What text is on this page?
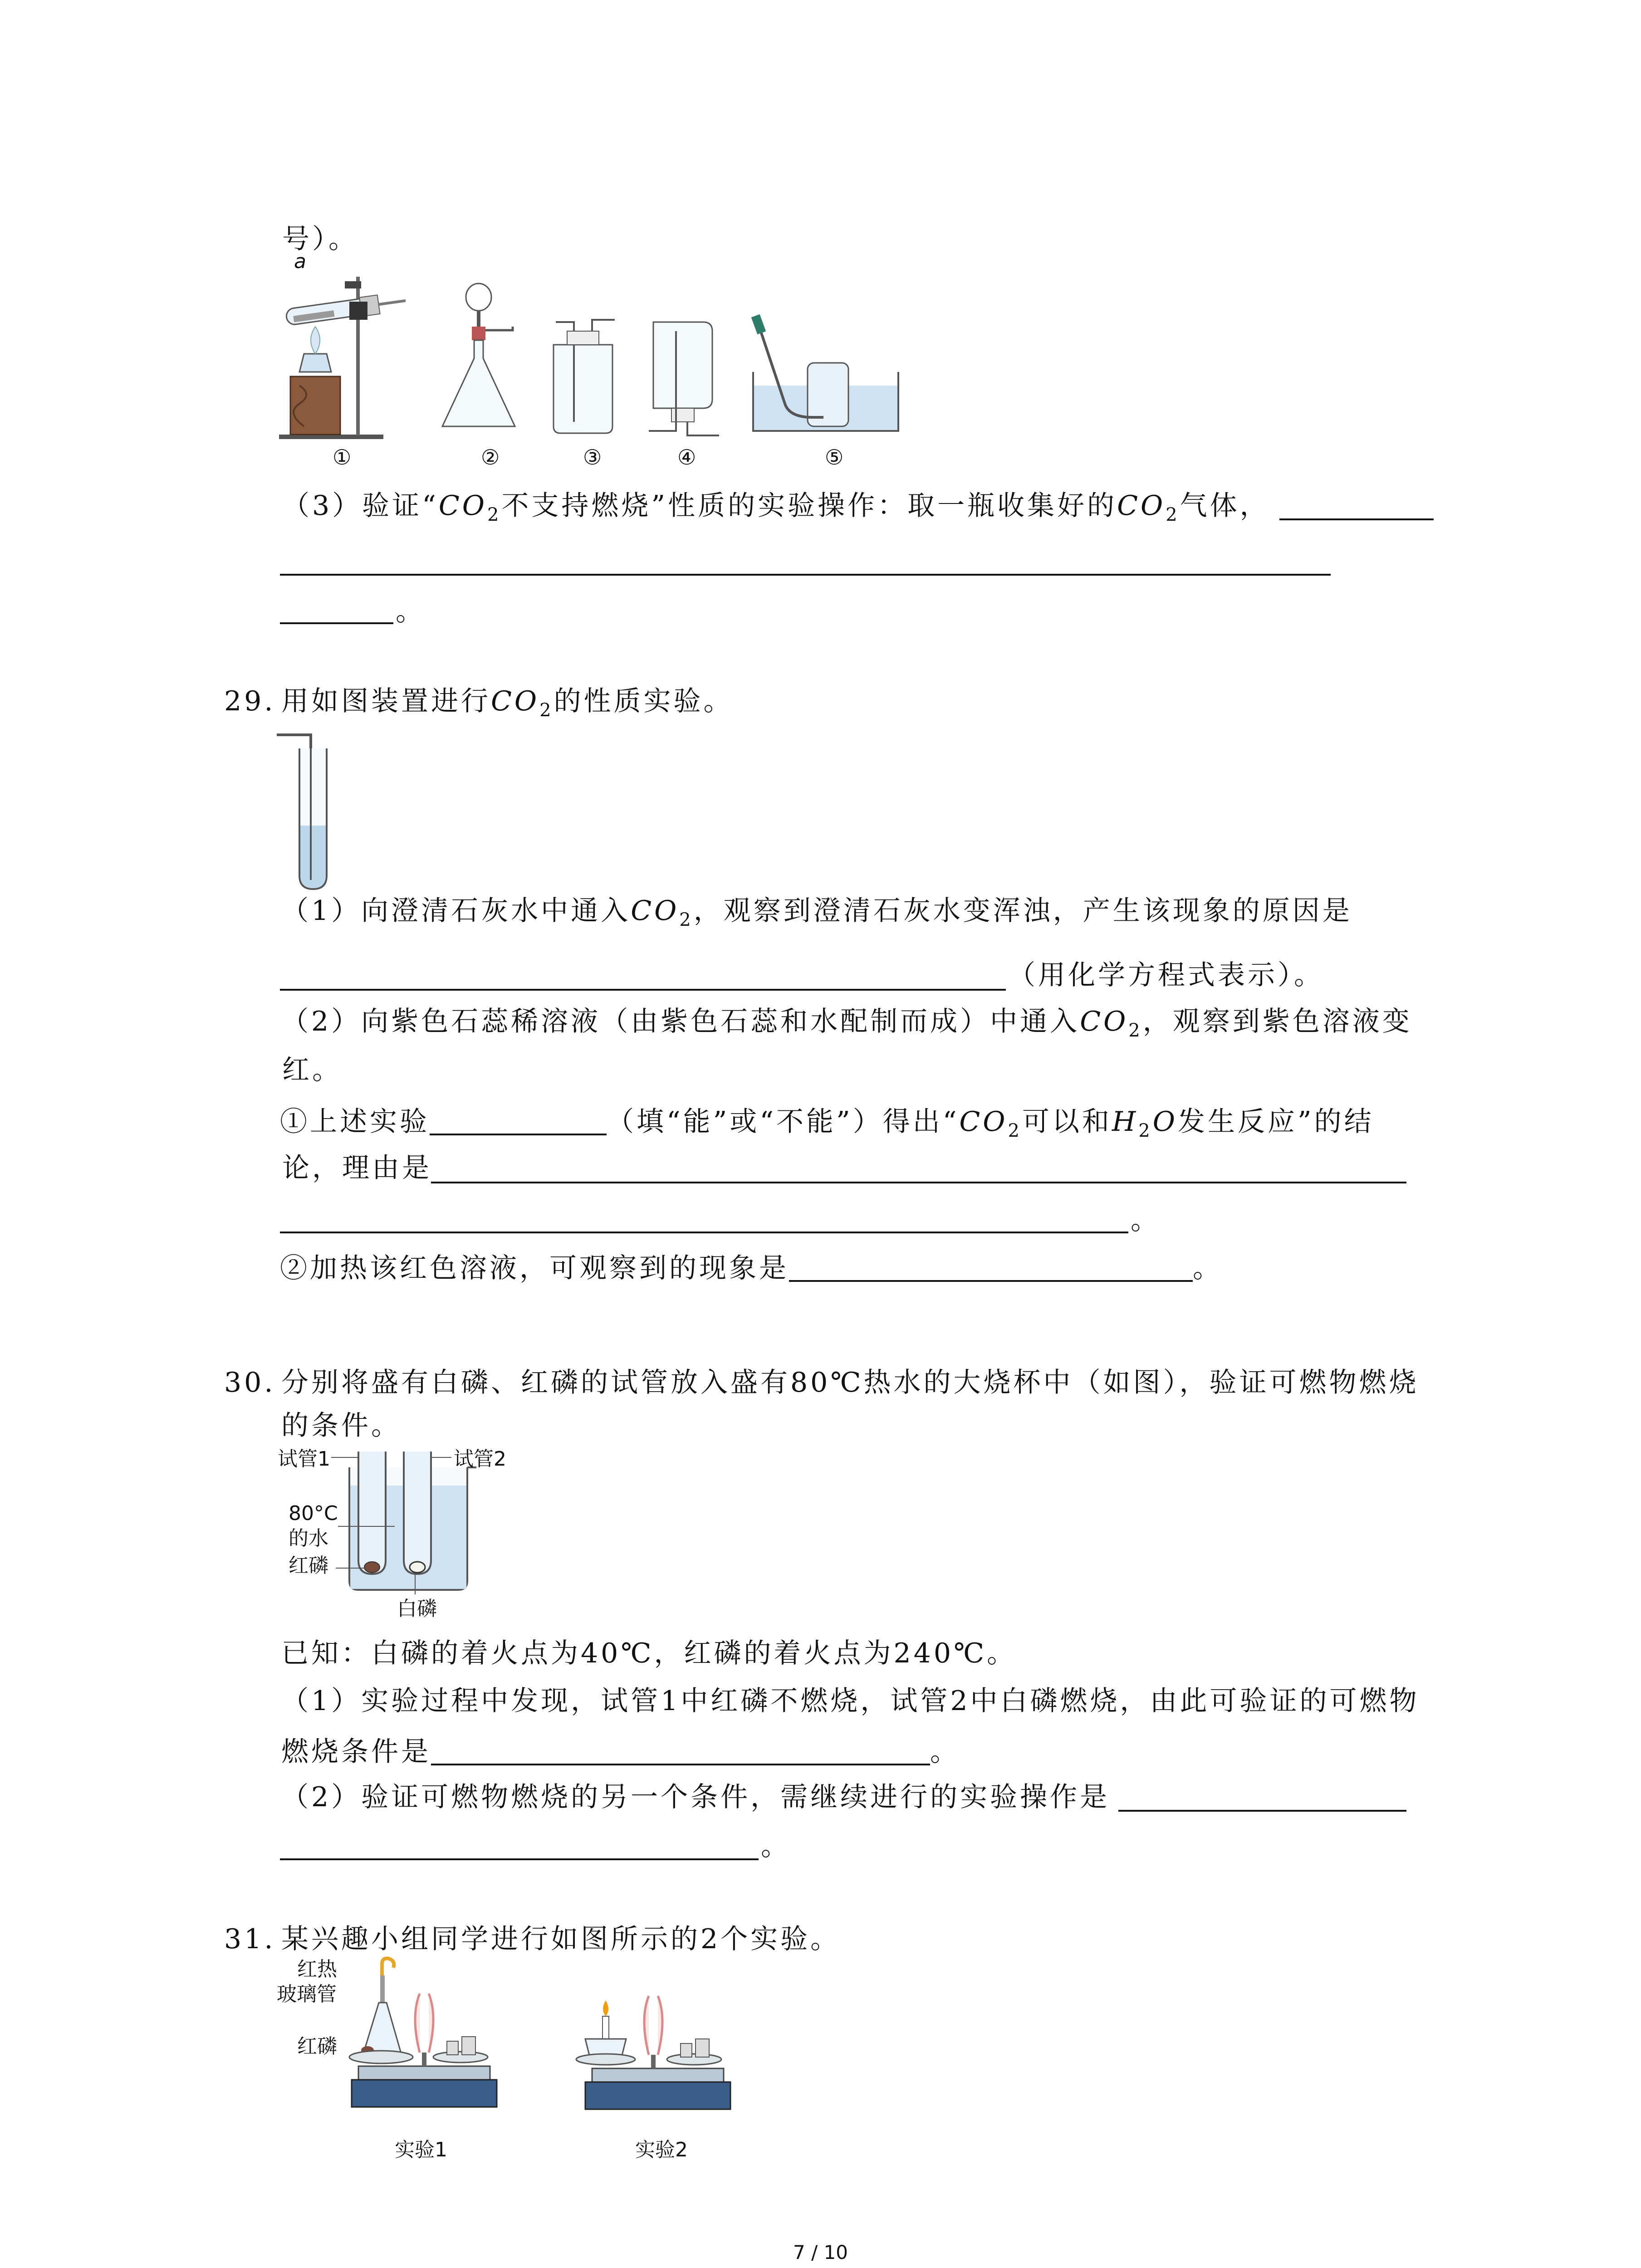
号）。
a
①	②	③	④	⑤
（3）验证“$CO_2$不支持燃烧”性质的实验操作：取一瓶收集好的$CO_2$气体，
。
29. 用如图装置进行$CO_2$的性质实验。
（1）向澄清石灰水中通入$CO_2$，观察到澄清石灰水变浑浊，产生该现象的原因是
（用化学方程式表示）。
（2）向紫色石蕊稀溶液（由紫色石蕊和水配制而成）中通入$CO_2$，观察到紫色溶液变
红。
①上述实验	（填“能”或“不能”）得出“$CO_2$可以和$H_2O$发生反应”的结
论，理由是
。
②加热该红色溶液，可观察到的现象是	。
30. 分别将盛有白磷、红磷的试管放入盛有80℃热水的大烧杯中（如图），验证可燃物燃烧
的条件。
试管1	试管2
80°C
的水
红磷
白磷
已知：白磷的着火点为40℃，红磷的着火点为240℃。
（1）实验过程中发现，试管1中红磷不燃烧，试管2中白磷燃烧，由此可验证的可燃物
燃烧条件是	。
（2）验证可燃物燃烧的另一个条件，需继续进行的实验操作是
。
31. 某兴趣小组同学进行如图所示的2个实验。
红热
玻璃管
红磷
实验1	实验2
7 / 10
